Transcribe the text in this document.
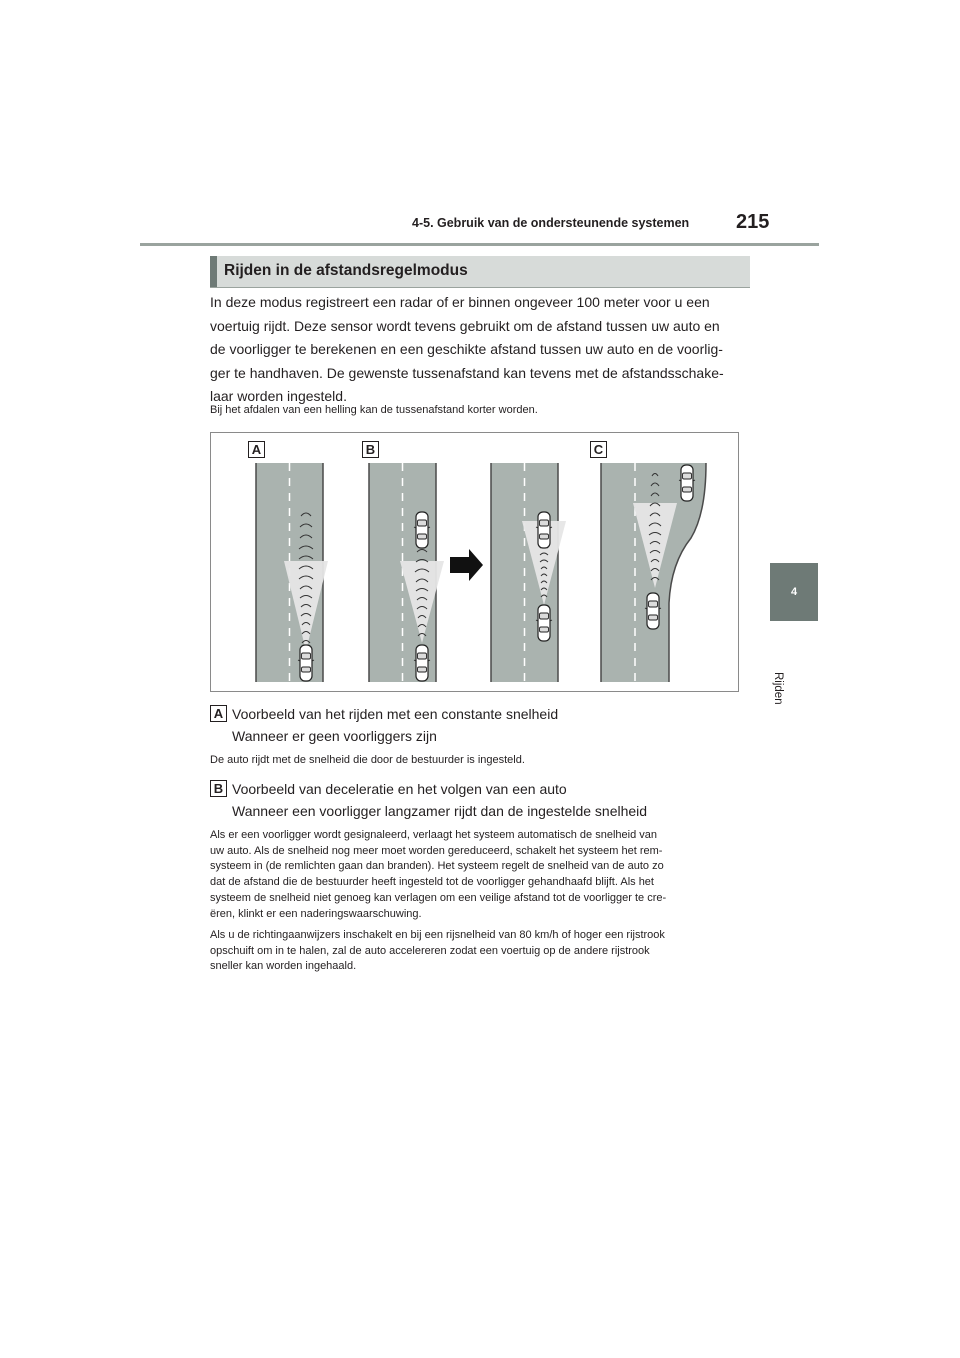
4-5. Gebruik van de ondersteunende systemen 215
4
Rijden
Rijden in de afstandsregelmodus
In deze modus registreert een radar of er binnen ongeveer 100 meter voor u een
voertuig rijdt. Deze sensor wordt tevens gebruikt om de afstand tussen uw auto en
de voorligger te berekenen en een geschikte afstand tussen uw auto en de voorlig-
ger te handhaven. De gewenste tussenafstand kan tevens met de afstandsschake-
laar worden ingesteld.
Bij het afdalen van een helling kan de tussenafstand korter worden.
A	B	C
A Voorbeeld van het rijden met een constante snelheid
Wanneer er geen voorliggers zijn
De auto rijdt met de snelheid die door de bestuurder is ingesteld.
B Voorbeeld van deceleratie en het volgen van een auto
Wanneer een voorligger langzamer rijdt dan de ingestelde snelheid
Als er een voorligger wordt gesignaleerd, verlaagt het systeem automatisch de snelheid van
uw auto. Als de snelheid nog meer moet worden gereduceerd, schakelt het systeem het rem-
systeem in (de remlichten gaan dan branden). Het systeem regelt de snelheid van de auto zo
dat de afstand die de bestuurder heeft ingesteld tot de voorligger gehandhaafd blijft. Als het
systeem de snelheid niet genoeg kan verlagen om een veilige afstand tot de voorligger te cre-
ëren, klinkt er een naderingswaarschuwing.
Als u de richtingaanwijzers inschakelt en bij een rijsnelheid van 80 km/h of hoger een rijstrook
opschuift om in te halen, zal de auto accelereren zodat een voertuig op de andere rijstrook
sneller kan worden ingehaald.
